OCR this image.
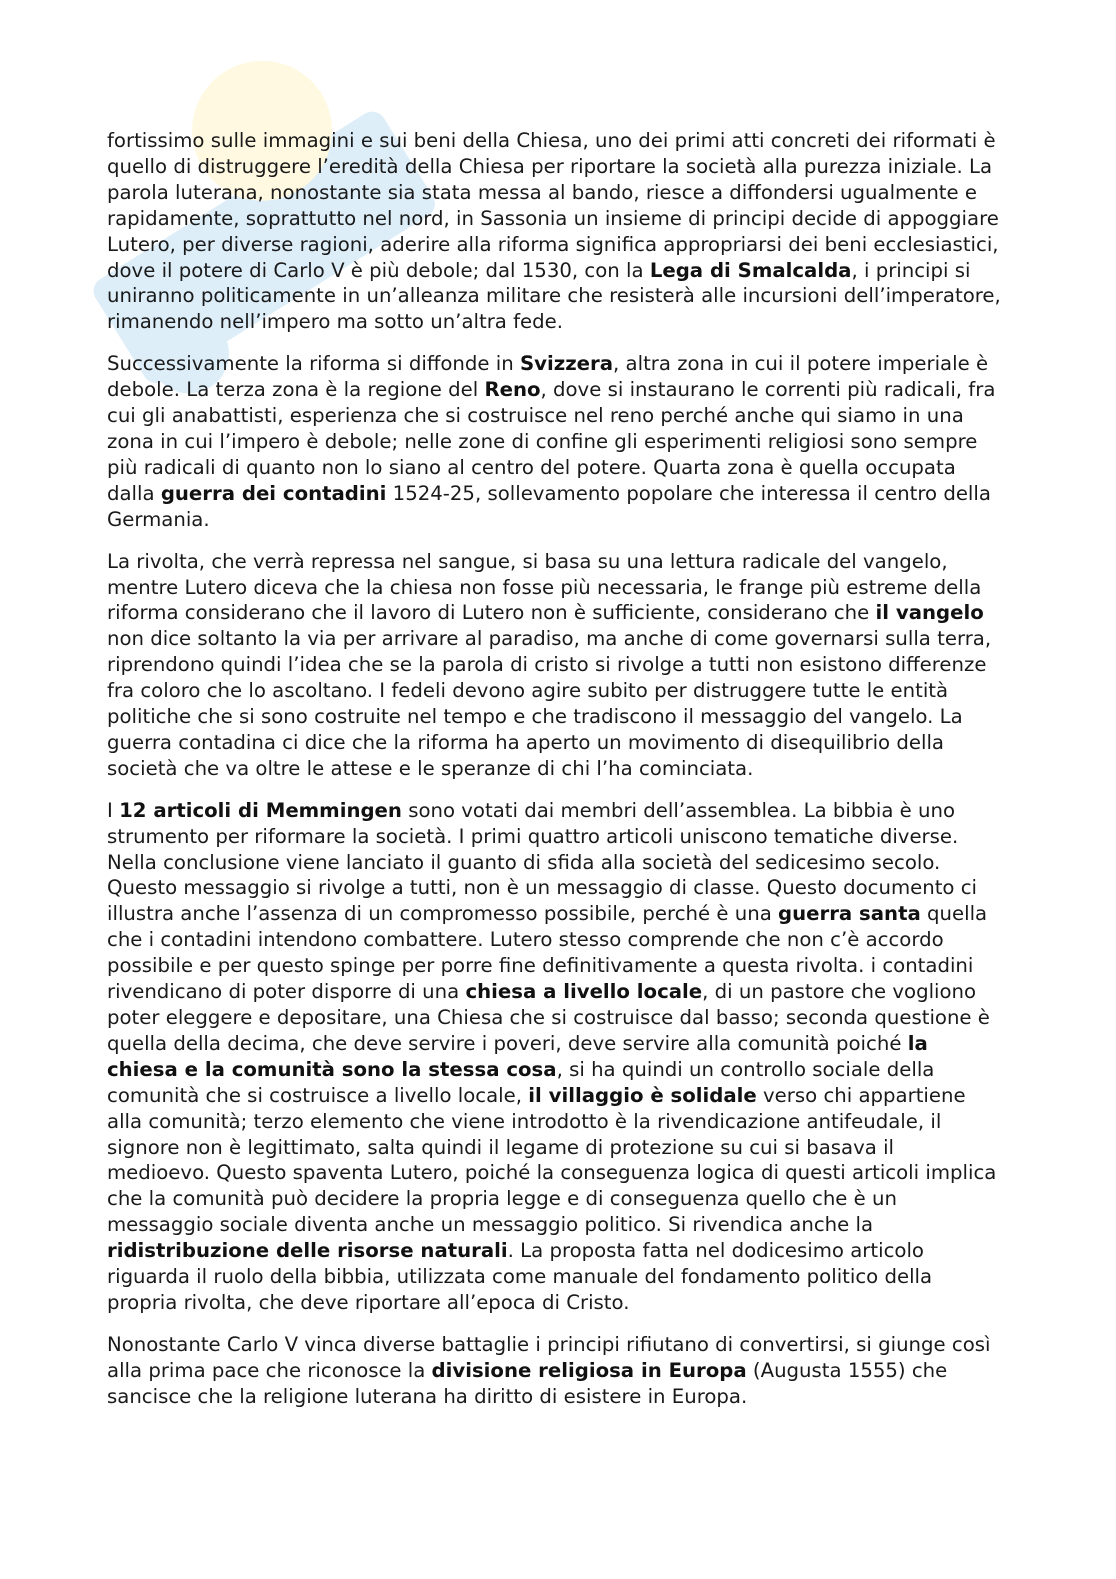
fortissimo sulle immagini e sui beni della Chiesa, uno dei primi atti concreti dei riformati è quello di distruggere l’eredità della Chiesa per riportare la società alla purezza iniziale. La parola luterana, nonostante sia stata messa al bando, riesce a diffondersi ugualmente e rapidamente, soprattutto nel nord, in Sassonia un insieme di principi decide di appoggiare Lutero, per diverse ragioni, aderire alla riforma significa appropriarsi dei beni ecclesiastici, dove il potere di Carlo V è più debole; dal 1530, con la Lega di Smalcalda, i principi si uniranno politicamente in un’alleanza militare che resisterà alle incursioni dell’imperatore, rimanendo nell’impero ma sotto un’altra fede.

Successivamente la riforma si diffonde in Svizzera, altra zona in cui il potere imperiale è debole. La terza zona è la regione del Reno, dove si instaurano le correnti più radicali, fra cui gli anabattisti, esperienza che si costruisce nel reno perché anche qui siamo in una zona in cui l’impero è debole; nelle zone di confine gli esperimenti religiosi sono sempre più radicali di quanto non lo siano al centro del potere. Quarta zona è quella occupata dalla guerra dei contadini 1524-25, sollevamento popolare che interessa il centro della Germania.

La rivolta, che verrà repressa nel sangue, si basa su una lettura radicale del vangelo, mentre Lutero diceva che la chiesa non fosse più necessaria, le frange più estreme della riforma considerano che il lavoro di Lutero non è sufficiente, considerano che il vangelo non dice soltanto la via per arrivare al paradiso, ma anche di come governarsi sulla terra, riprendono quindi l’idea che se la parola di cristo si rivolge a tutti non esistono differenze fra coloro che lo ascoltano. I fedeli devono agire subito per distruggere tutte le entità politiche che si sono costruite nel tempo e che tradiscono il messaggio del vangelo. La guerra contadina ci dice che la riforma ha aperto un movimento di disequilibrio della società che va oltre le attese e le speranze di chi l’ha cominciata.

I 12 articoli di Memmingen sono votati dai membri dell’assemblea. La bibbia è uno strumento per riformare la società. I primi quattro articoli uniscono tematiche diverse. Nella conclusione viene lanciato il guanto di sfida alla società del sedicesimo secolo. Questo messaggio si rivolge a tutti, non è un messaggio di classe. Questo documento ci illustra anche l’assenza di un compromesso possibile, perché è una guerra santa quella che i contadini intendono combattere. Lutero stesso comprende che non c’è accordo possibile e per questo spinge per porre fine definitivamente a questa rivolta. i contadini rivendicano di poter disporre di una chiesa a livello locale, di un pastore che vogliono poter eleggere e depositare, una Chiesa che si costruisce dal basso; seconda questione è quella della decima, che deve servire i poveri, deve servire alla comunità poiché la chiesa e la comunità sono la stessa cosa, si ha quindi un controllo sociale della comunità che si costruisce a livello locale, il villaggio è solidale verso chi appartiene alla comunità; terzo elemento che viene introdotto è la rivendicazione antifeudale, il signore non è legittimato, salta quindi il legame di protezione su cui si basava il medioevo. Questo spaventa Lutero, poiché la conseguenza logica di questi articoli implica che la comunità può decidere la propria legge e di conseguenza quello che è un messaggio sociale diventa anche un messaggio politico. Si rivendica anche la ridistribuzione delle risorse naturali. La proposta fatta nel dodicesimo articolo riguarda il ruolo della bibbia, utilizzata come manuale del fondamento politico della propria rivolta, che deve riportare all’epoca di Cristo.

Nonostante Carlo V vinca diverse battaglie i principi rifiutano di convertirsi, si giunge così alla prima pace che riconosce la divisione religiosa in Europa (Augusta 1555) che sancisce che la religione luterana ha diritto di esistere in Europa.
